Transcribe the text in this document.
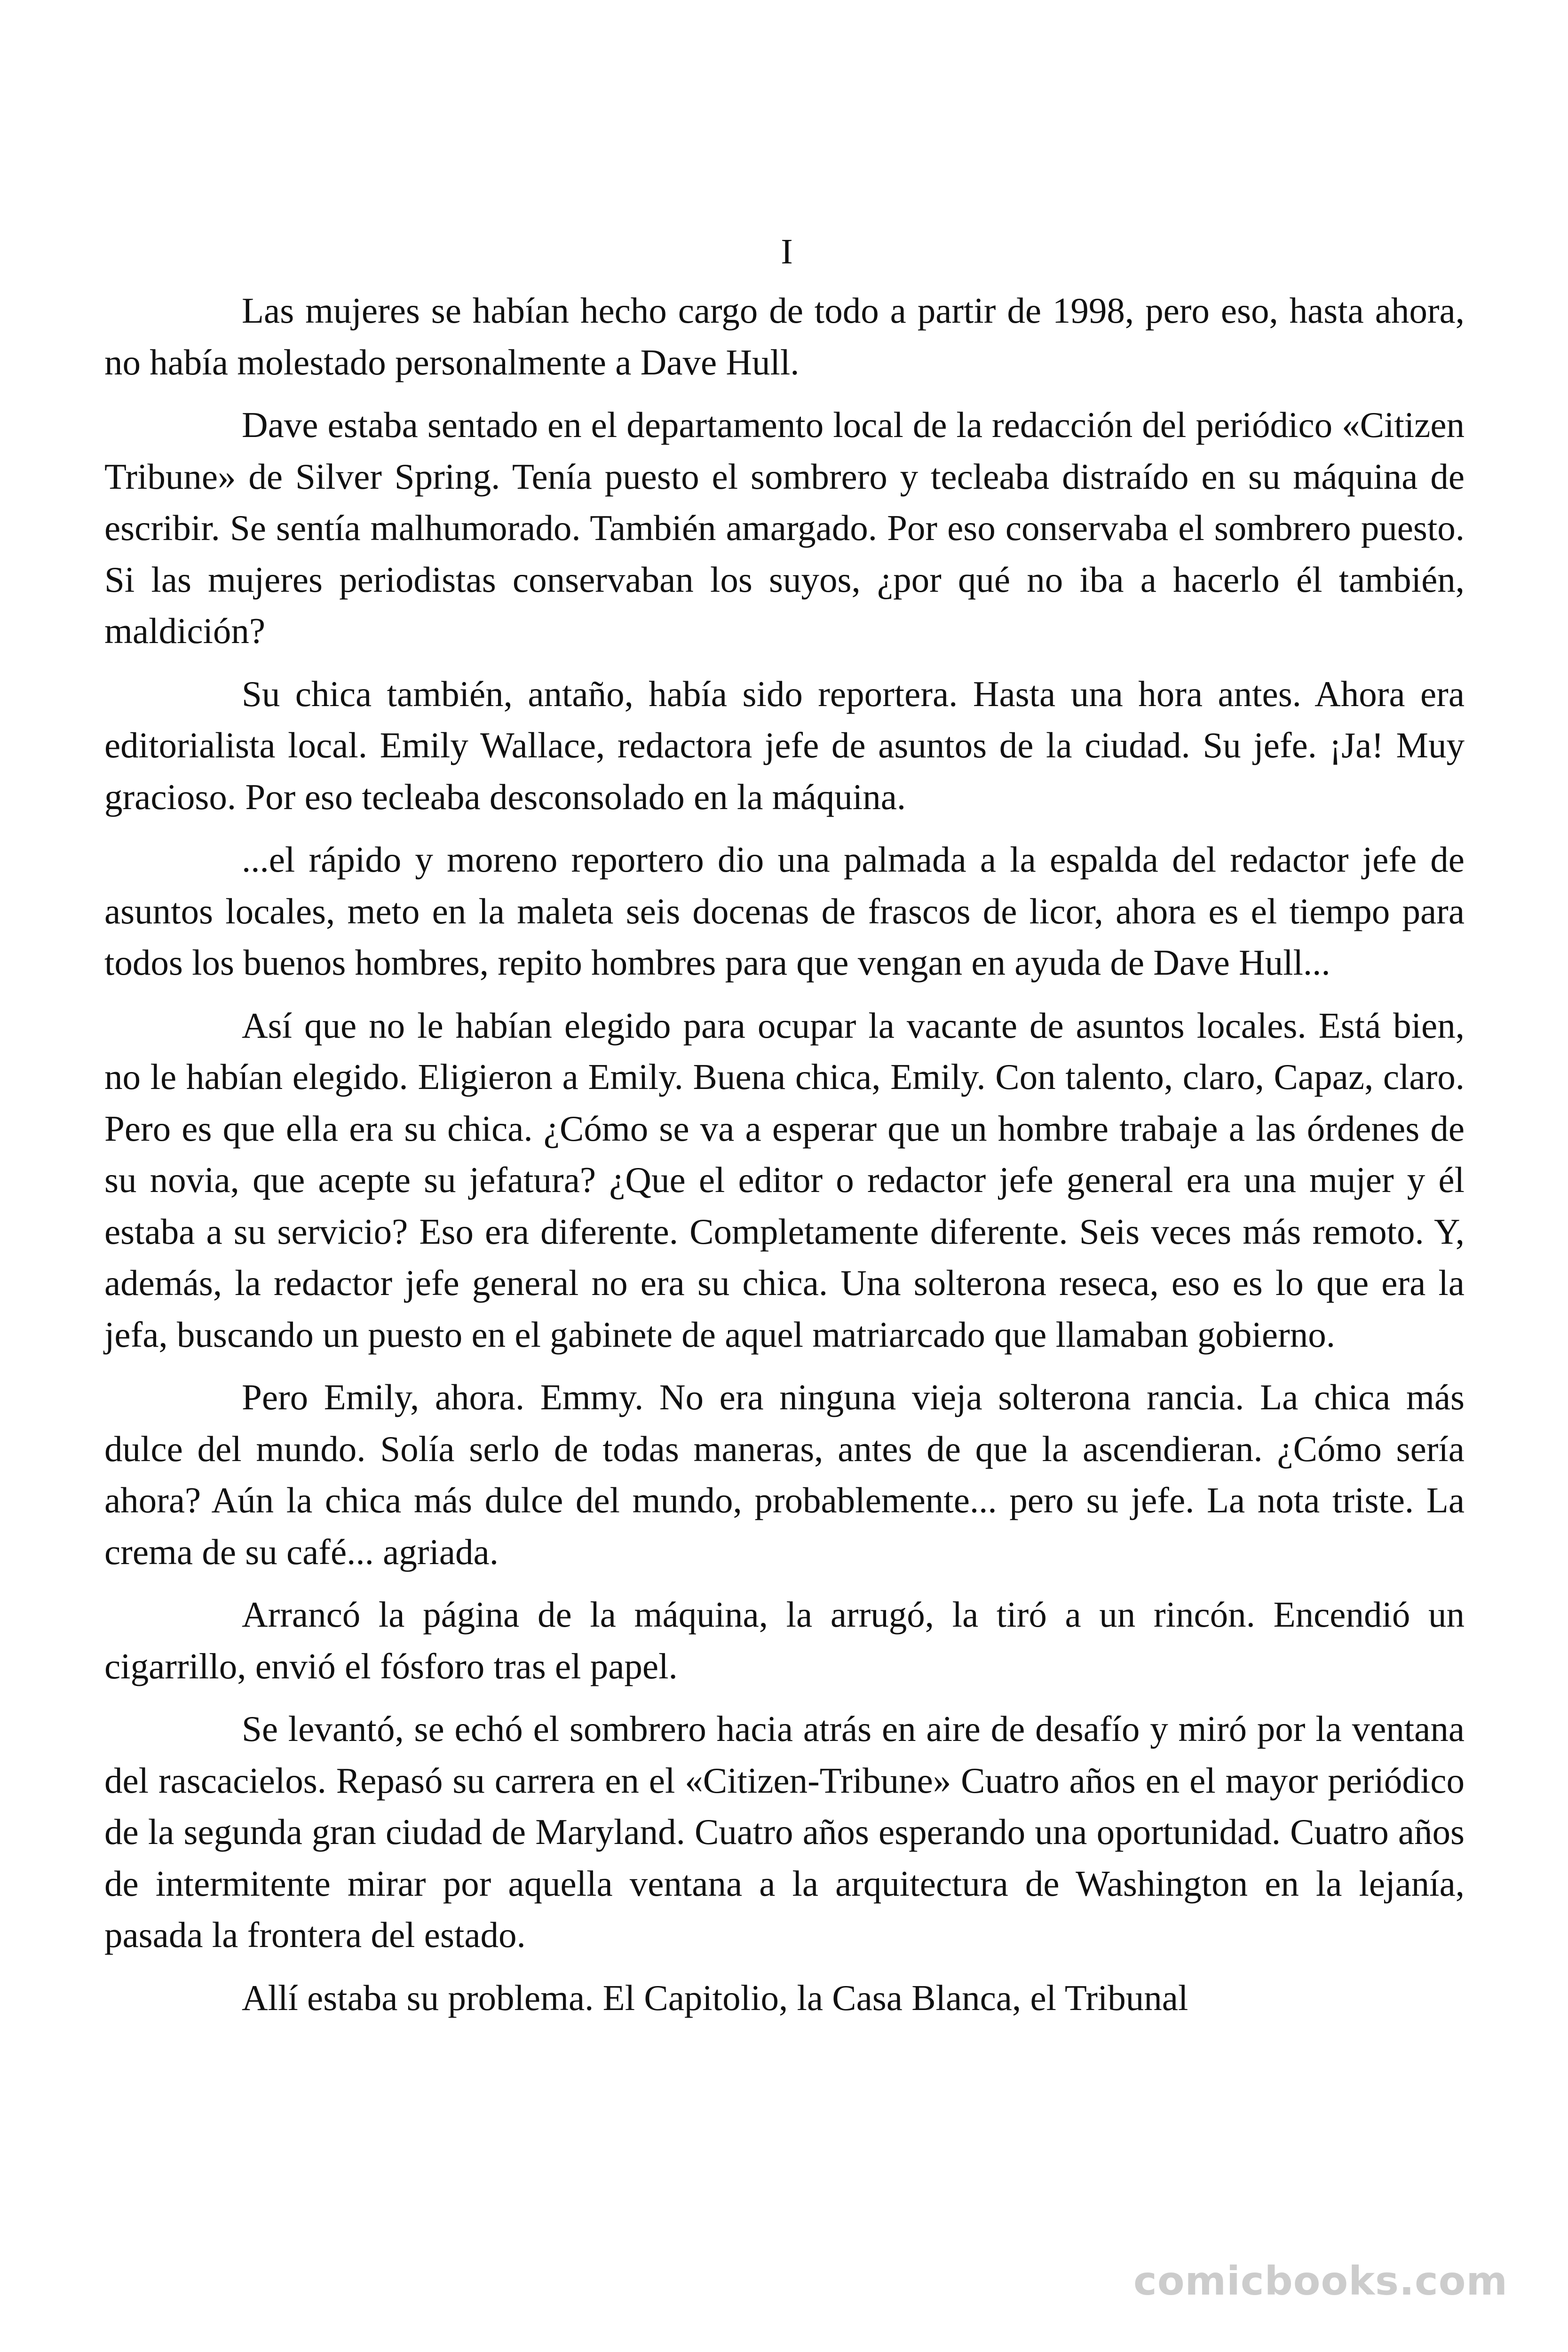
I

Las mujeres se habían hecho cargo de todo a partir de 1998, pero eso, hasta ahora, no había molestado personalmente a Dave Hull.

Dave estaba sentado en el departamento local de la redacción del periódico «Citizen Tribune» de Silver Spring. Tenía puesto el sombrero y tecleaba distraído en su máquina de escribir. Se sentía malhumorado. También amargado. Por eso conservaba el sombrero puesto. Si las mujeres periodistas conservaban los suyos, ¿por qué no iba a hacerlo él también, maldición?

Su chica también, antaño, había sido reportera. Hasta una hora antes. Ahora era editorialista local. Emily Wallace, redactora jefe de asuntos de la ciudad. Su jefe. ¡Ja! Muy gracioso. Por eso tecleaba desconsolado en la máquina.

...el rápido y moreno reportero dio una palmada a la espalda del redactor jefe de asuntos locales, meto en la maleta seis docenas de frascos de licor, ahora es el tiempo para todos los buenos hombres, repito hombres para que vengan en ayuda de Dave Hull...

Así que no le habían elegido para ocupar la vacante de asuntos locales. Está bien, no le habían elegido. Eligieron a Emily. Buena chica, Emily. Con talento, claro, Capaz, claro. Pero es que ella era su chica. ¿Cómo se va a esperar que un hombre trabaje a las órdenes de su novia, que acepte su jefatura? ¿Que el editor o redactor jefe general era una mujer y él estaba a su servicio? Eso era diferente. Completamente diferente. Seis veces más remoto. Y, además, la redactor jefe general no era su chica. Una solterona reseca, eso es lo que era la jefa, buscando un puesto en el gabinete de aquel matriarcado que llamaban gobierno.

Pero Emily, ahora. Emmy. No era ninguna vieja solterona rancia. La chica más dulce del mundo. Solía serlo de todas maneras, antes de que la ascendieran. ¿Cómo sería ahora? Aún la chica más dulce del mundo, probablemente... pero su jefe. La nota triste. La crema de su café... agriada.

Arrancó la página de la máquina, la arrugó, la tiró a un rincón. Encendió un cigarrillo, envió el fósforo tras el papel.

Se levantó, se echó el sombrero hacia atrás en aire de desafío y miró por la ventana del rascacielos. Repasó su carrera en el «Citizen-Tribune» Cuatro años en el mayor periódico de la segunda gran ciudad de Maryland. Cuatro años esperando una oportunidad. Cuatro años de intermitente mirar por aquella ventana a la arquitectura de Washington en la lejanía, pasada la frontera del estado.

Allí estaba su problema. El Capitolio, la Casa Blanca, el Tribunal

comicbooks.com
